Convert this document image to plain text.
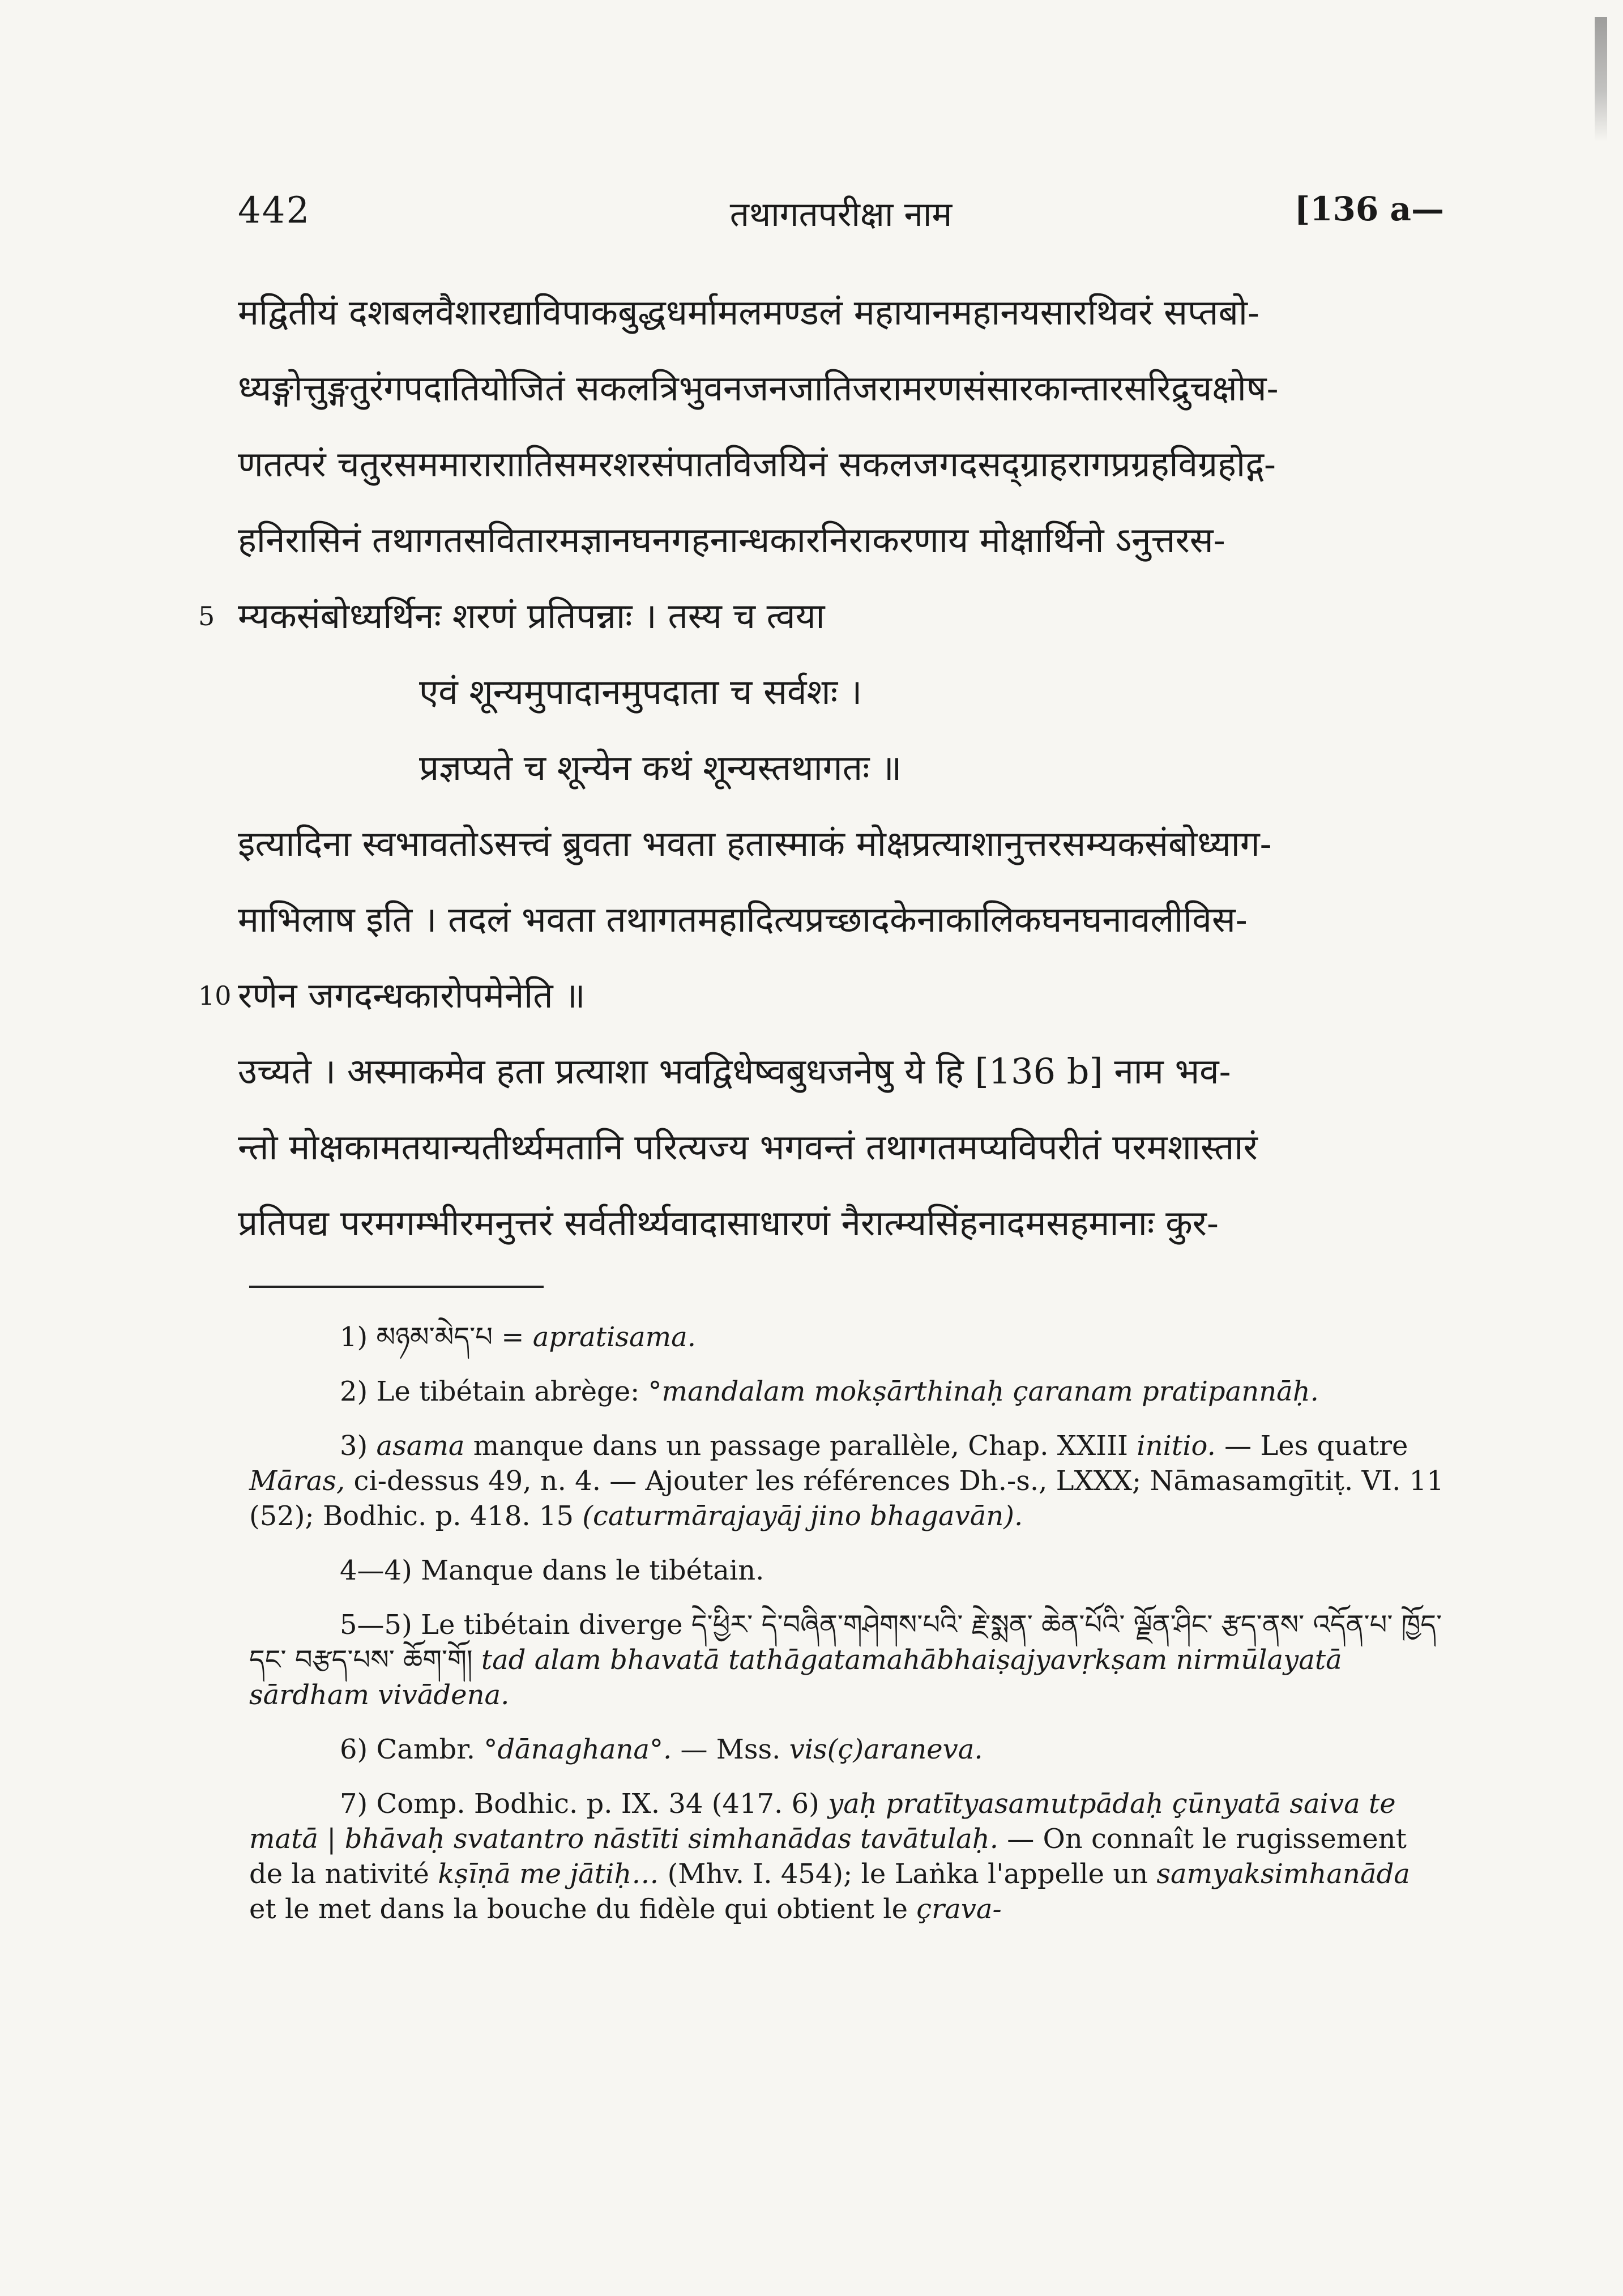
442	तथागतपरीक्षा नाम	[136 a—
मद्वितीयं दशबलवैशारद्याविपाकबुद्धधर्मामलमण्डलं महायानमहानयसारथिवरं सप्तबो-
ध्यङ्गोत्तुङ्गतुरंगपदातियोजितं सकलत्रिभुवनजनजातिजरामरणसंसारकान्तारसरिद्रुचक्षोष-
णतत्परं चतुरसममाराराातिसमरशरसंपातविजयिनं सकलजगदसद्ग्राहरागप्रग्रहविग्रहोद्ग-
हनिरासिनं तथागतसवितारमज्ञानघनगहनान्धकारनिराकरणाय मोक्षार्थिनो ऽनुत्तरस-
5 म्यकसंबोध्यर्थिनः शरणं प्रतिपन्नाः । तस्य च त्वया
एवं शून्यमुपादानमुपदाता च सर्वशः ।
प्रज्ञप्यते च शून्येन कथं शून्यस्तथागतः ॥
इत्यादिना स्वभावतोऽसत्त्वं ब्रुवता भवता हतास्माकं मोक्षप्रत्याशानुत्तरसम्यकसंबोध्याग-
माभिलाष इति । तदलं भवता तथागतमहादित्यप्रच्छादकेनाकालिकघनघनावलीविस-
10 रणेन जगदन्धकारोपमेनेति ॥
उच्यते । अस्माकमेव हता प्रत्याशा भवद्विधेष्वबुधजनेषु ये हि [136 b] नाम भव-
न्तो मोक्षकामतयान्यतीर्थ्यमतानि परित्यज्य भगवन्तं तथागतमप्यविपरीतं परमशास्तारं
प्रतिपद्य परमगम्भीरमनुत्तरं सर्वतीर्थ्यवादासाधारणं नैरात्म्यसिंहनादमसहमानाः कुर-
1) མཉམ་མེད་པ = apratisama.
2) Le tibétain abrège: °mandalam mokṣārthinaḥ çaranam pratipannāḥ.
3) asama manque dans un passage parallèle, Chap. XXIII initio. — Les quatre Māras, ci-dessus 49, n. 4. — Ajouter les références Dh.-s., LXXX; Nāmasamgītiṭ. VI. 11 (52); Bodhic. p. 418. 15 (caturmārajayāj jino bhagavān).
4—4) Manque dans le tibétain.
5—5) Le tibétain diverge དེ་ཕྱིར་ དེ་བཞིན་གཤེགས་པའི་ རྗེ་སྨན་ ཆེན་པོའི་ ལྗོན་ཤིང་ རྩད་ནས་ འདོན་པ་ ཁྱོད་ དང་ བརྩད་པས་ ཆོག་གོ། tad alam bhavatā tathāgatamahābhaiṣajyavṛkṣam nirmūlayatā sārdham vivādena.
6) Cambr. °dānaghana°. — Mss. vis(ç)araneva.
7) Comp. Bodhic. p. IX. 34 (417. 6) yaḥ pratītyasamutpādaḥ çūnyatā saiva te matā | bhāvaḥ svatantro nāstīti simhanādas tavātulaḥ. — On connaît le rugissement de la nativité kṣīṇā me jātiḥ… (Mhv. I. 454); le Laṅka l'appelle un samyaksimhanāda et le met dans la bouche du fidèle qui obtient le çrava-
